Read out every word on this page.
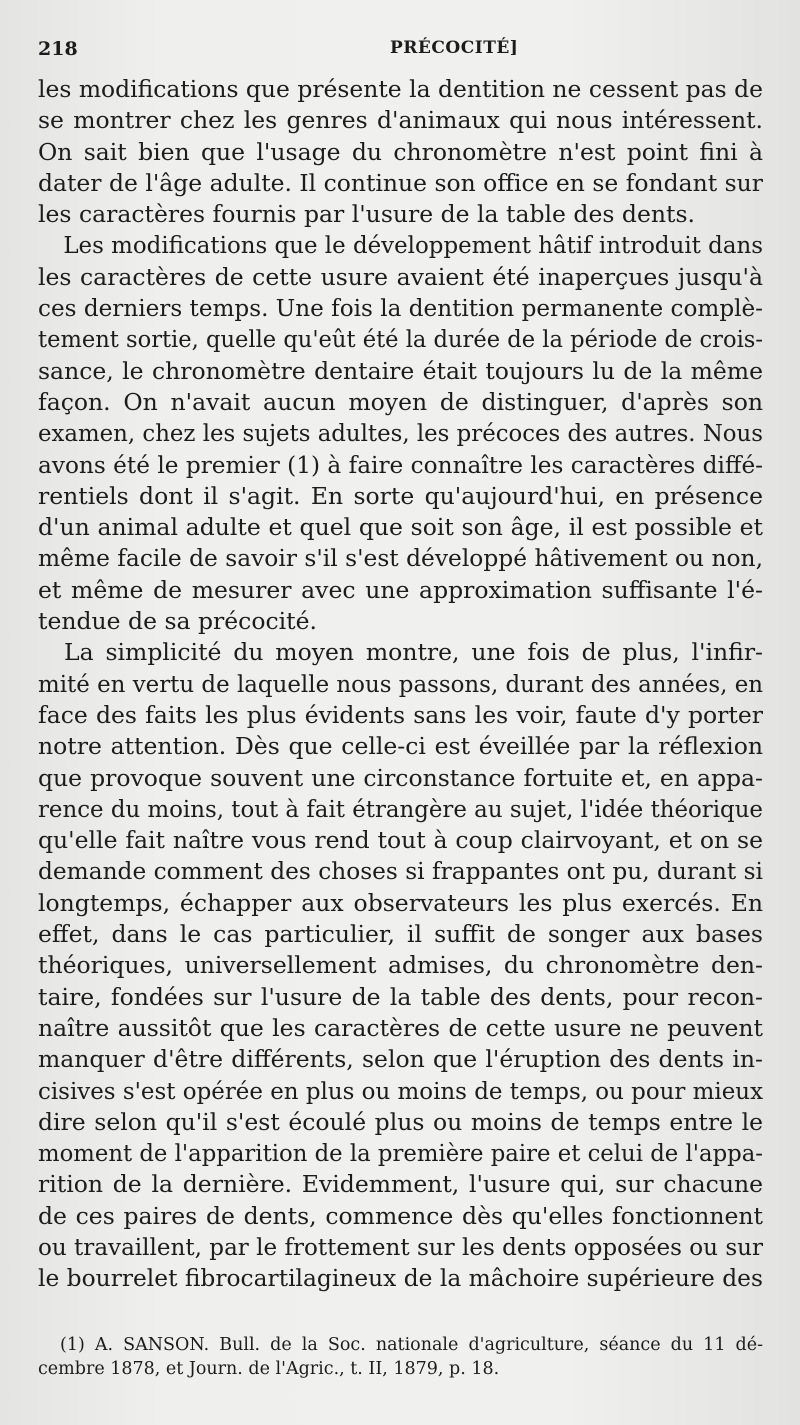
218	PRÉCOCITÉ]
les modifications que présente la dentition ne cessent pas de
se montrer chez les genres d'animaux qui nous intéressent.
On sait bien que l'usage du chronomètre n'est point fini à
dater de l'âge adulte. Il continue son office en se fondant sur
les caractères fournis par l'usure de la table des dents.
Les modifications que le développement hâtif introduit dans
les caractères de cette usure avaient été inaperçues jusqu'à
ces derniers temps. Une fois la dentition permanente complè-
tement sortie, quelle qu'eût été la durée de la période de crois-
sance, le chronomètre dentaire était toujours lu de la même
façon. On n'avait aucun moyen de distinguer, d'après son
examen, chez les sujets adultes, les précoces des autres. Nous
avons été le premier (1) à faire connaître les caractères diffé-
rentiels dont il s'agit. En sorte qu'aujourd'hui, en présence
d'un animal adulte et quel que soit son âge, il est possible et
même facile de savoir s'il s'est développé hâtivement ou non,
et même de mesurer avec une approximation suffisante l'é-
tendue de sa précocité.
La simplicité du moyen montre, une fois de plus, l'infir-
mité en vertu de laquelle nous passons, durant des années, en
face des faits les plus évidents sans les voir, faute d'y porter
notre attention. Dès que celle-ci est éveillée par la réflexion
que provoque souvent une circonstance fortuite et, en appa-
rence du moins, tout à fait étrangère au sujet, l'idée théorique
qu'elle fait naître vous rend tout à coup clairvoyant, et on se
demande comment des choses si frappantes ont pu, durant si
longtemps, échapper aux observateurs les plus exercés. En
effet, dans le cas particulier, il suffit de songer aux bases
théoriques, universellement admises, du chronomètre den-
taire, fondées sur l'usure de la table des dents, pour recon-
naître aussitôt que les caractères de cette usure ne peuvent
manquer d'être différents, selon que l'éruption des dents in-
cisives s'est opérée en plus ou moins de temps, ou pour mieux
dire selon qu'il s'est écoulé plus ou moins de temps entre le
moment de l'apparition de la première paire et celui de l'appa-
rition de la dernière. Evidemment, l'usure qui, sur chacune
de ces paires de dents, commence dès qu'elles fonctionnent
ou travaillent, par le frottement sur les dents opposées ou sur
le bourrelet fibrocartilagineux de la mâchoire supérieure des
(1) A. SANSON. Bull. de la Soc. nationale d'agriculture, séance du 11 dé-
cembre 1878, et Journ. de l'Agric., t. II, 1879, p. 18.
